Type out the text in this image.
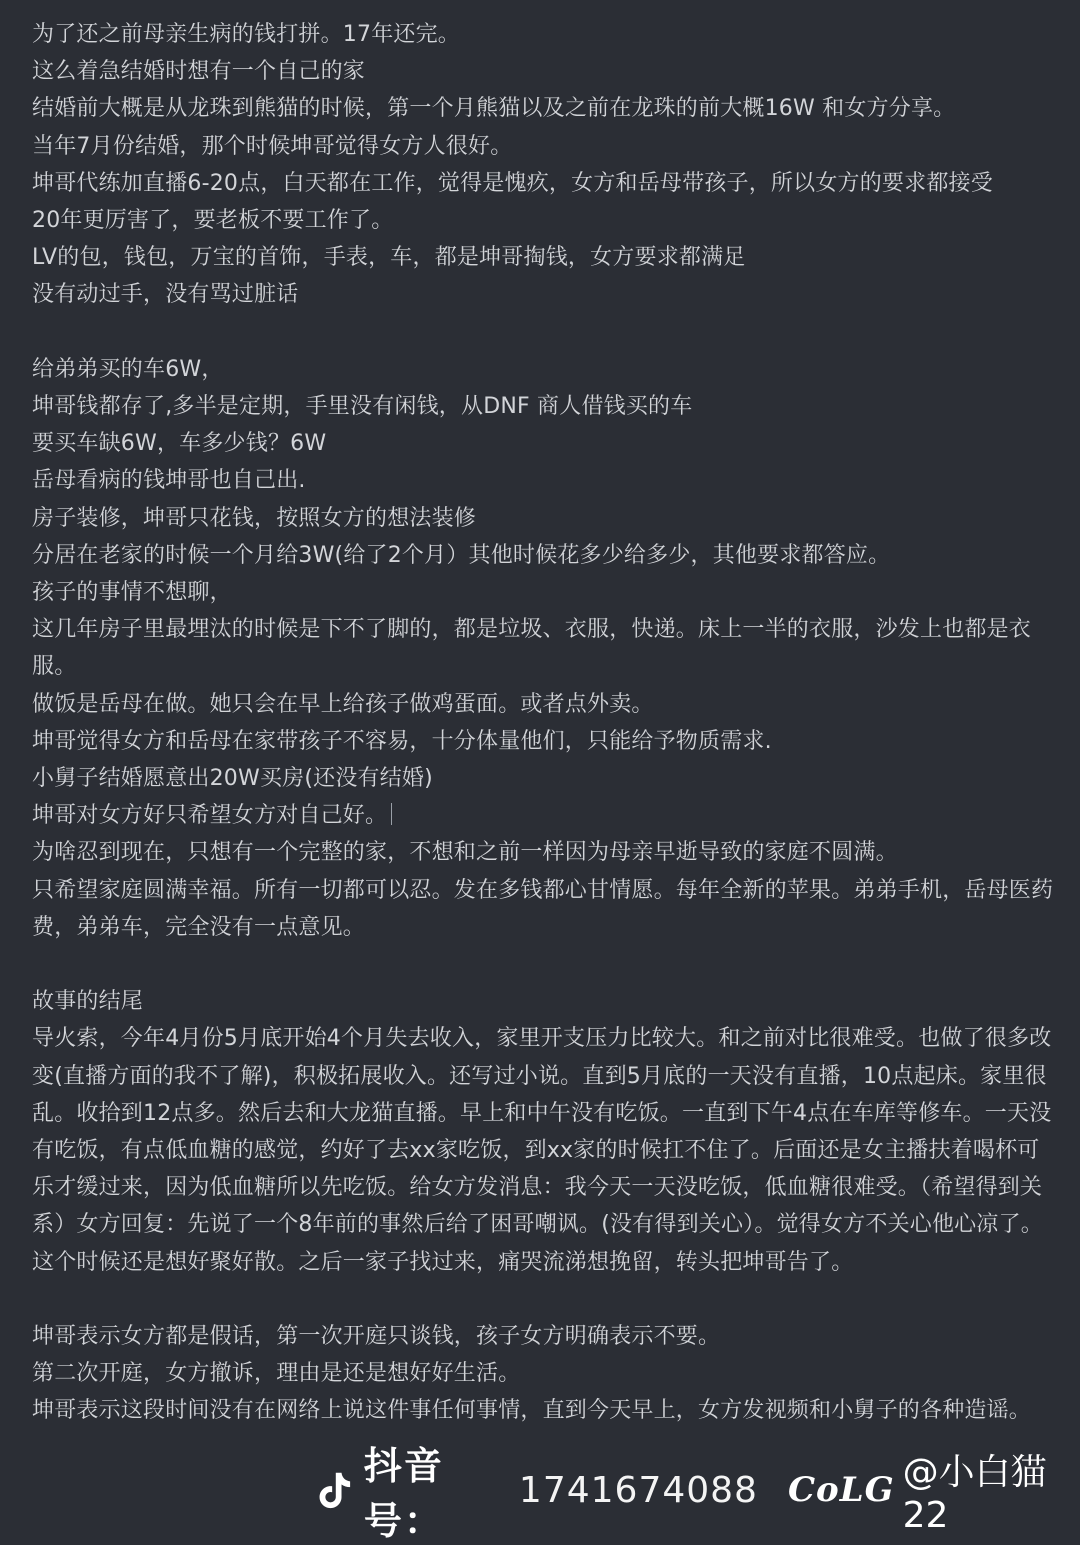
为了还之前母亲生病的钱打拼。17年还完。
这么着急结婚时想有一个自己的家
结婚前大概是从龙珠到熊猫的时候，第一个月熊猫以及之前在龙珠的前大概16W 和女方分享。
当年7月份结婚，那个时候坤哥觉得女方人很好。
坤哥代练加直播6-20点，白天都在工作，觉得是愧疚，女方和岳母带孩子，所以女方的要求都接受
20年更厉害了，要老板不要工作了。
LV的包，钱包，万宝的首饰，手表，车，都是坤哥掏钱，女方要求都满足
没有动过手，没有骂过脏话
给弟弟买的车6W，
坤哥钱都存了,多半是定期，手里没有闲钱，从DNF 商人借钱买的车
要买车缺6W，车多少钱？6W
岳母看病的钱坤哥也自己出.
房子装修，坤哥只花钱，按照女方的想法装修
分居在老家的时候一个月给3W(给了2个月）其他时候花多少给多少，其他要求都答应。
孩子的事情不想聊，
这几年房子里最埋汰的时候是下不了脚的，都是垃圾、衣服，快递。床上一半的衣服，沙发上也都是衣服。
做饭是岳母在做。她只会在早上给孩子做鸡蛋面。或者点外卖。
坤哥觉得女方和岳母在家带孩子不容易，十分体量他们，只能给予物质需求.
小舅子结婚愿意出20W买房(还没有结婚)
坤哥对女方好只希望女方对自己好。
为啥忍到现在，只想有一个完整的家，不想和之前一样因为母亲早逝导致的家庭不圆满。
只希望家庭圆满幸福。所有一切都可以忍。发在多钱都心甘情愿。每年全新的苹果。弟弟手机，岳母医药费，弟弟车，完全没有一点意见。
故事的结尾
导火索，今年4月份5月底开始4个月失去收入，家里开支压力比较大。和之前对比很难受。也做了很多改变(直播方面的我不了解)，积极拓展收入。还写过小说。直到5月底的一天没有直播，10点起床。家里很乱。收拾到12点多。然后去和大龙猫直播。早上和中午没有吃饭。一直到下午4点在车库等修车。一天没有吃饭，有点低血糖的感觉，约好了去xx家吃饭，到xx家的时候扛不住了。后面还是女主播扶着喝杯可乐才缓过来，因为低血糖所以先吃饭。给女方发消息：我今天一天没吃饭，低血糖很难受。（希望得到关系）女方回复：先说了一个8年前的事然后给了困哥嘲讽。(没有得到关心）。觉得女方不关心他心凉了。
这个时候还是想好聚好散。之后一家子找过来，痛哭流涕想挽留，转头把坤哥告了。
坤哥表示女方都是假话，第一次开庭只谈钱，孩子女方明确表示不要。
第二次开庭，女方撤诉，理由是还是想好好生活。
坤哥表示这段时间没有在网络上说这件事任何事情，直到今天早上，女方发视频和小舅子的各种造谣。
抖音号：
1741674088 CoLG @小白猫22
